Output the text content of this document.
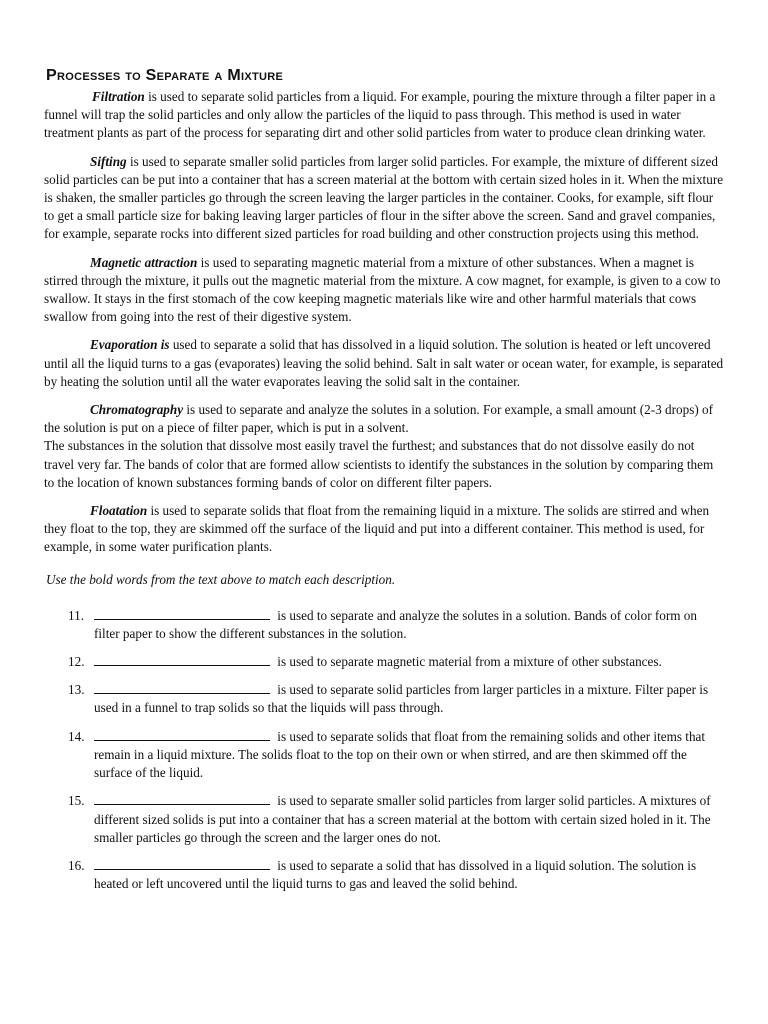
Processes to Separate a Mixture

Filtration is used to separate solid particles from a liquid. For example, pouring the mixture through a filter paper in a funnel will trap the solid particles and only allow the particles of the liquid to pass through. This method is used in water treatment plants as part of the process for separating dirt and other solid particles from water to produce clean drinking water.

Sifting is used to separate smaller solid particles from larger solid particles. For example, the mixture of different sized solid particles can be put into a container that has a screen material at the bottom with certain sized holes in it. When the mixture is shaken, the smaller particles go through the screen leaving the larger particles in the container. Cooks, for example, sift flour to get a small particle size for baking leaving larger particles of flour in the sifter above the screen. Sand and gravel companies, for example, separate rocks into different sized particles for road building and other construction projects using this method.

Magnetic attraction is used to separating magnetic material from a mixture of other substances. When a magnet is stirred through the mixture, it pulls out the magnetic material from the mixture. A cow magnet, for example, is given to a cow to swallow. It stays in the first stomach of the cow keeping magnetic materials like wire and other harmful materials that cows swallow from going into the rest of their digestive system.

Evaporation is used to separate a solid that has dissolved in a liquid solution. The solution is heated or left uncovered until all the liquid turns to a gas (evaporates) leaving the solid behind. Salt in salt water or ocean water, for example, is separated by heating the solution until all the water evaporates leaving the solid salt in the container.

Chromatography is used to separate and analyze the solutes in a solution. For example, a small amount (2-3 drops) of the solution is put on a piece of filter paper, which is put in a solvent.

The substances in the solution that dissolve most easily travel the furthest; and substances that do not dissolve easily do not travel very far. The bands of color that are formed allow scientists to identify the substances in the solution by comparing them to the location of known substances forming bands of color on different filter papers.

Floatation is used to separate solids that float from the remaining liquid in a mixture. The solids are stirred and when they float to the top, they are skimmed off the surface of the liquid and put into a different container. This method is used, for example, in some water purification plants.

Use the bold words from the text above to match each description.
11.	is used to separate and analyze the solutes in a solution. Bands of color form on filter paper to show the different substances in the solution.
12.	is used to separate magnetic material from a mixture of other substances.
13.	is used to separate solid particles from larger particles in a mixture. Filter paper is used in a funnel to trap solids so that the liquids will pass through.
14.	is used to separate solids that float from the remaining solids and other items that remain in a liquid mixture. The solids float to the top on their own or when stirred, and are then skimmed off the surface of the liquid.
15.	is used to separate smaller solid particles from larger solid particles. A mixtures of different sized solids is put into a container that has a screen material at the bottom with certain sized holed in it. The smaller particles go through the screen and the larger ones do not.
16.	is used to separate a solid that has dissolved in a liquid solution. The solution is heated or left uncovered until the liquid turns to gas and leaved the solid behind.
